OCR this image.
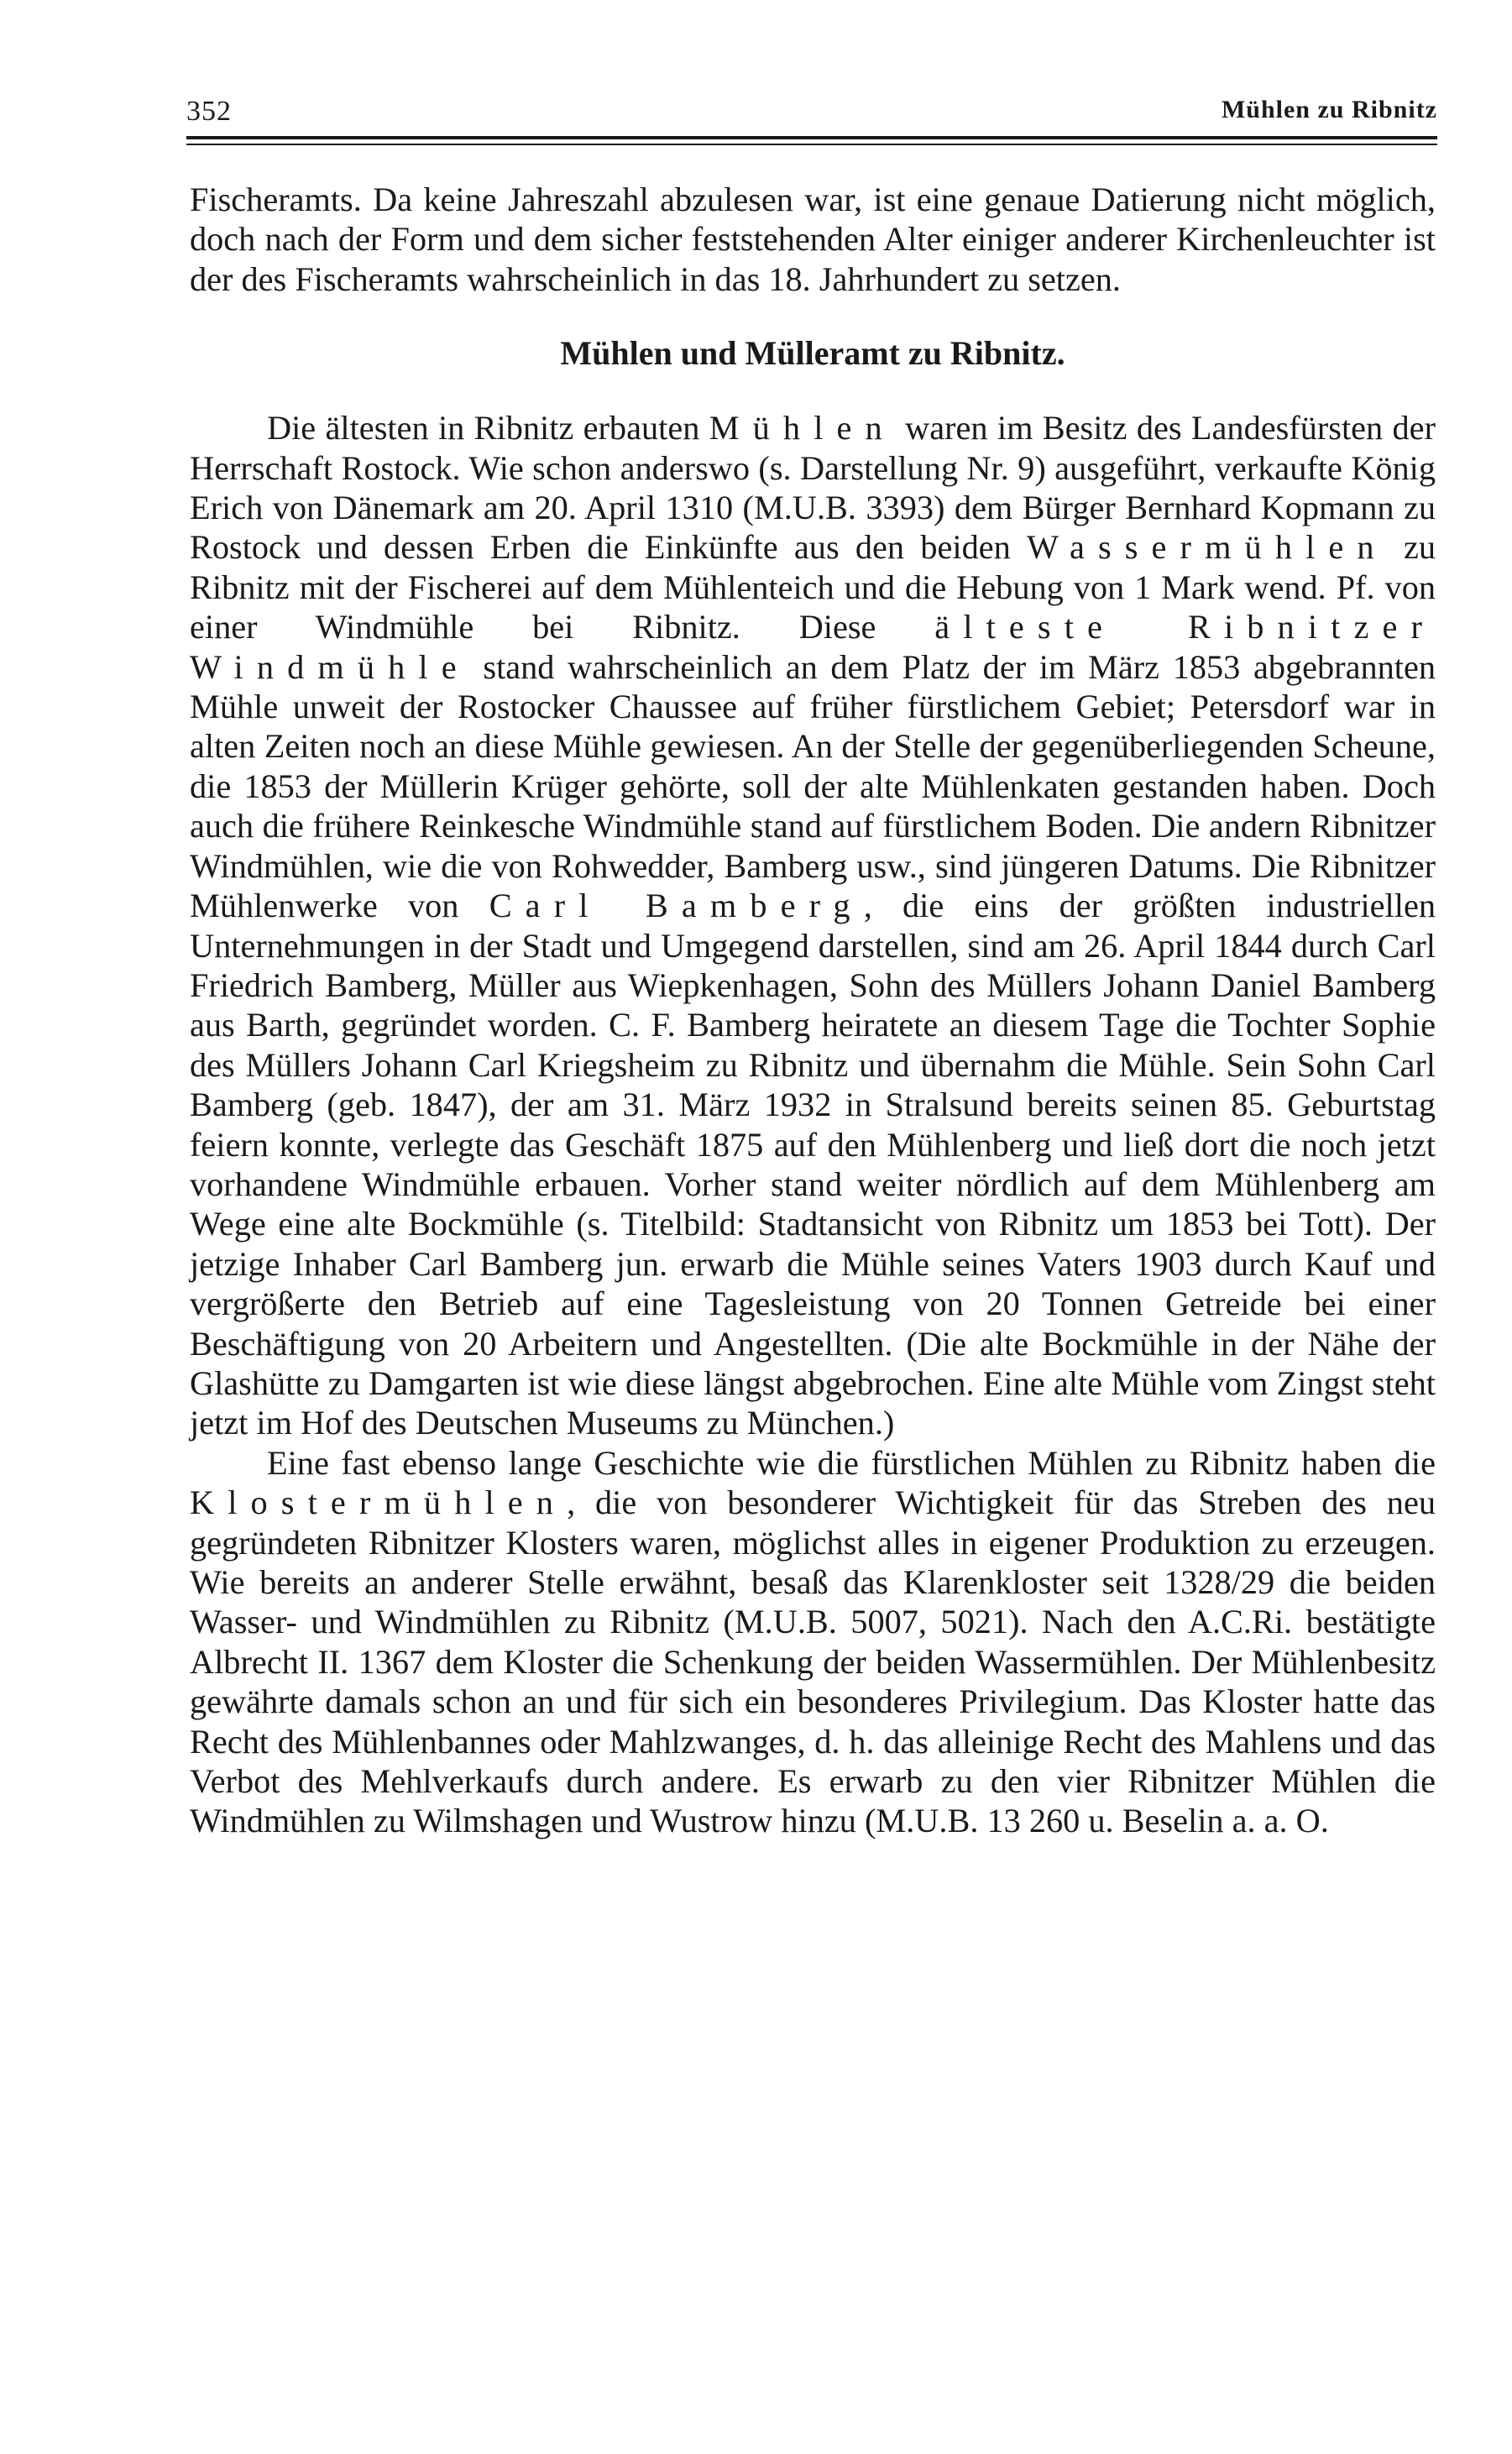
352	Mühlen zu Ribnitz

Fischeramts. Da keine Jahreszahl abzulesen war, ist eine genaue Datierung nicht möglich, doch nach der Form und dem sicher feststehenden Alter einiger anderer Kirchenleuchter ist der des Fischeramts wahrscheinlich in das 18. Jahrhundert zu setzen.

Mühlen und Mülleramt zu Ribnitz.

Die ältesten in Ribnitz erbauten Mühlen waren im Besitz des Landesfürsten der Herrschaft Rostock. Wie schon anderswo (s. Darstellung Nr. 9) ausgeführt, verkaufte König Erich von Dänemark am 20. April 1310 (M.U.B. 3393) dem Bürger Bernhard Kopmann zu Rostock und dessen Erben die Einkünfte aus den beiden Wassermühlen zu Ribnitz mit der Fischerei auf dem Mühlenteich und die Hebung von 1 Mark wend. Pf. von einer Windmühle bei Ribnitz. Diese älteste Ribnitzer Windmühle stand wahrscheinlich an dem Platz der im März 1853 abgebrannten Mühle unweit der Rostocker Chaussee auf früher fürstlichem Gebiet; Petersdorf war in alten Zeiten noch an diese Mühle gewiesen. An der Stelle der gegenüberliegenden Scheune, die 1853 der Müllerin Krüger gehörte, soll der alte Mühlenkaten gestanden haben. Doch auch die frühere Reinkesche Windmühle stand auf fürstlichem Boden. Die andern Ribnitzer Windmühlen, wie die von Rohwedder, Bamberg usw., sind jüngeren Datums. Die Ribnitzer Mühlenwerke von Carl Bamberg, die eins der größten industriellen Unternehmungen in der Stadt und Umgegend darstellen, sind am 26. April 1844 durch Carl Friedrich Bamberg, Müller aus Wiepkenhagen, Sohn des Müllers Johann Daniel Bamberg aus Barth, gegründet worden. C. F. Bamberg heiratete an diesem Tage die Tochter Sophie des Müllers Johann Carl Kriegsheim zu Ribnitz und übernahm die Mühle. Sein Sohn Carl Bamberg (geb. 1847), der am 31. März 1932 in Stralsund bereits seinen 85. Geburtstag feiern konnte, verlegte das Geschäft 1875 auf den Mühlenberg und ließ dort die noch jetzt vorhandene Windmühle erbauen. Vorher stand weiter nördlich auf dem Mühlenberg am Wege eine alte Bockmühle (s. Titelbild: Stadtansicht von Ribnitz um 1853 bei Tott). Der jetzige Inhaber Carl Bamberg jun. erwarb die Mühle seines Vaters 1903 durch Kauf und vergrößerte den Betrieb auf eine Tagesleistung von 20 Tonnen Getreide bei einer Beschäftigung von 20 Arbeitern und Angestellten. (Die alte Bockmühle in der Nähe der Glashütte zu Damgarten ist wie diese längst abgebrochen. Eine alte Mühle vom Zingst steht jetzt im Hof des Deutschen Museums zu München.)

Eine fast ebenso lange Geschichte wie die fürstlichen Mühlen zu Ribnitz haben die Klostermühlen, die von besonderer Wichtigkeit für das Streben des neu gegründeten Ribnitzer Klosters waren, möglichst alles in eigener Produktion zu erzeugen. Wie bereits an anderer Stelle erwähnt, besaß das Klarenkloster seit 1328/29 die beiden Wasser- und Windmühlen zu Ribnitz (M.U.B. 5007, 5021). Nach den A.C.Ri. bestätigte Albrecht II. 1367 dem Kloster die Schenkung der beiden Wassermühlen. Der Mühlenbesitz gewährte damals schon an und für sich ein besonderes Privilegium. Das Kloster hatte das Recht des Mühlenbannes oder Mahlzwanges, d. h. das alleinige Recht des Mahlens und das Verbot des Mehlverkaufs durch andere. Es erwarb zu den vier Ribnitzer Mühlen die Windmühlen zu Wilmshagen und Wustrow hinzu (M.U.B. 13 260 u. Beselin a. a. O.
